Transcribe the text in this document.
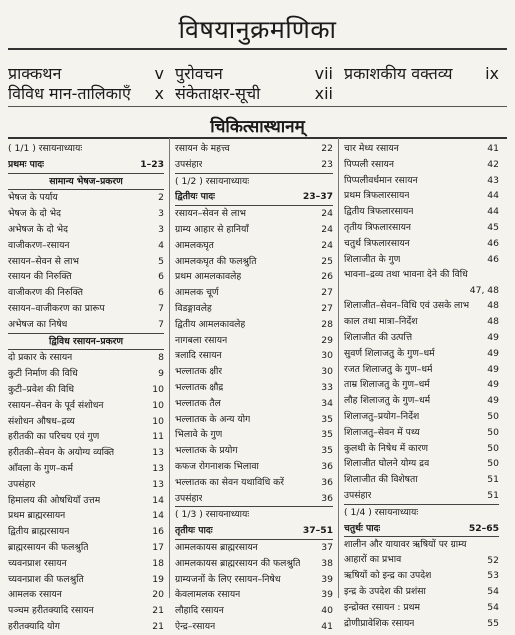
विषयानुक्रमणिका
प्राक्कथन	v
विविध मान-तालिकाएँ x
पुरोवचन	vii
संकेताक्षर-सूची	xii
प्रकाशकीय वक्तव्य ix
चिकित्सास्थानम्
( 1/1 ) रसायनाध्यायः
प्रथमः पादः	1–23
सामान्य भेषज–प्रकरण
भेषज के पर्याय	2
भेषज के दो भेद	3
अभेषज के दो भेद	3
वाजीकरण–रसायन	4
रसायन–सेवन से लाभ	5
रसायन की निरुक्ति	6
वाजीकरण की निरुक्ति	6
रसायन–वाजीकरण का प्रारूप	7
अभेषज का निषेध	7
द्विविध रसायन–प्रकरण
दो प्रकार के रसायन	8
कुटी निर्माण की विधि	9
कुटी–प्रवेश की विधि	10
रसायन–सेवन के पूर्व संशोधन	10
संशोधन औषध–द्रव्य	10
हरीतकी का परिचय एवं गुण	11
हरीतकी–सेवन के अयोग्य व्यक्ति	13
आँवला के गुण–कर्म	13
उपसंहार	13
हिमालय की ओषधियाँ उत्तम	14
प्रथम ब्राह्मरसायन	14
द्वितीय ब्राह्मरसायन	16
ब्राह्मरसायन की फलश्रुति	17
च्यवनप्राश रसायन	18
च्यवनप्राश की फलश्रुति	19
आमलक रसायन	20
पञ्चम हरीतक्यादि रसायन	21
हरीतक्यादि योग	21
रसायन के महत्त्व	22
उपसंहार	23
( 1/2 ) रसायनाध्यायः
द्वितीयः पादः	23–37
रसायन–सेवन से लाभ	24
ग्राम्य आहार से हानियाँ	24
आमलकघृत	24
आमलकघृत की फलश्रुति	25
प्रथम आमलकावलेह	26
आमलक चूर्ण	27
विडङ्गावलेह	27
द्वितीय आमलकावलेह	28
नागबला रसायन	29
त्रलादि रसायन	30
भल्लातक क्षीर	30
भल्लातक क्षौद्र	33
भल्लातक तैल	34
भल्लातक के अन्य योग	35
भिलावे के गुण	35
भल्लातक के प्रयोग	35
कफज रोगनाशक भिलावा	36
भल्लातक का सेवन यथाविधि करें	36
उपसंहार	36
( 1/3 ) रसायनाध्यायः
तृतीयः पादः	37–51
आमलकायस ब्राह्मरसायन	37
आमलकायस ब्राह्मरसायन की फलश्रुति 38
ग्राम्यजनों के लिए रसायन–निषेध	39
केवलामलक रसायन	39
लौहादि रसायन	40
ऐन्द्र–रसायन	41
चार मेध्य रसायन	41
पिप्पली रसायन	42
पिप्पलीवर्धमान रसायन	43
प्रथम त्रिफलारसायन	44
द्वितीय त्रिफलारसायन	44
तृतीय त्रिफलारसायन	45
चतुर्थ त्रिफलारसायन	46
शिलाजीत के गुण	46
भावना–द्रव्य तथा भावना देने की विधि
47, 48
शिलाजीत–सेवन–विधि एवं उसके लाभ 48
काल तथा मात्रा–निर्देश	48
शिलाजीत की उत्पत्ति	49
सुवर्ण शिलाजतु के गुण–धर्म	49
रजत शिलाजतु के गुण–धर्म	49
ताम्र शिलाजतु के गुण–धर्म	49
लौह शिलाजतु के गुण–धर्म	49
शिलाजतु–प्रयोग–निर्देश	50
शिलाजतु–सेवन में पथ्य	50
कुलथी के निषेध में कारण	50
शिलाजीत घोलने योग्य द्रव	50
शिलाजीत की विशेषता	51
उपसंहार	51
( 1/4 ) रसायनाध्यायः
चतुर्थः पादः	52–65
शालीन और यायावर ऋषियों पर ग्राम्य आहारों का प्रभाव	52
ऋषियों को इन्द्र का उपदेश	53
इन्द्र के उपदेश की प्रशंसा	54
इन्द्रोक्त रसायन : प्रथम	54
द्रोणीप्रावेशिक रसायन	55
